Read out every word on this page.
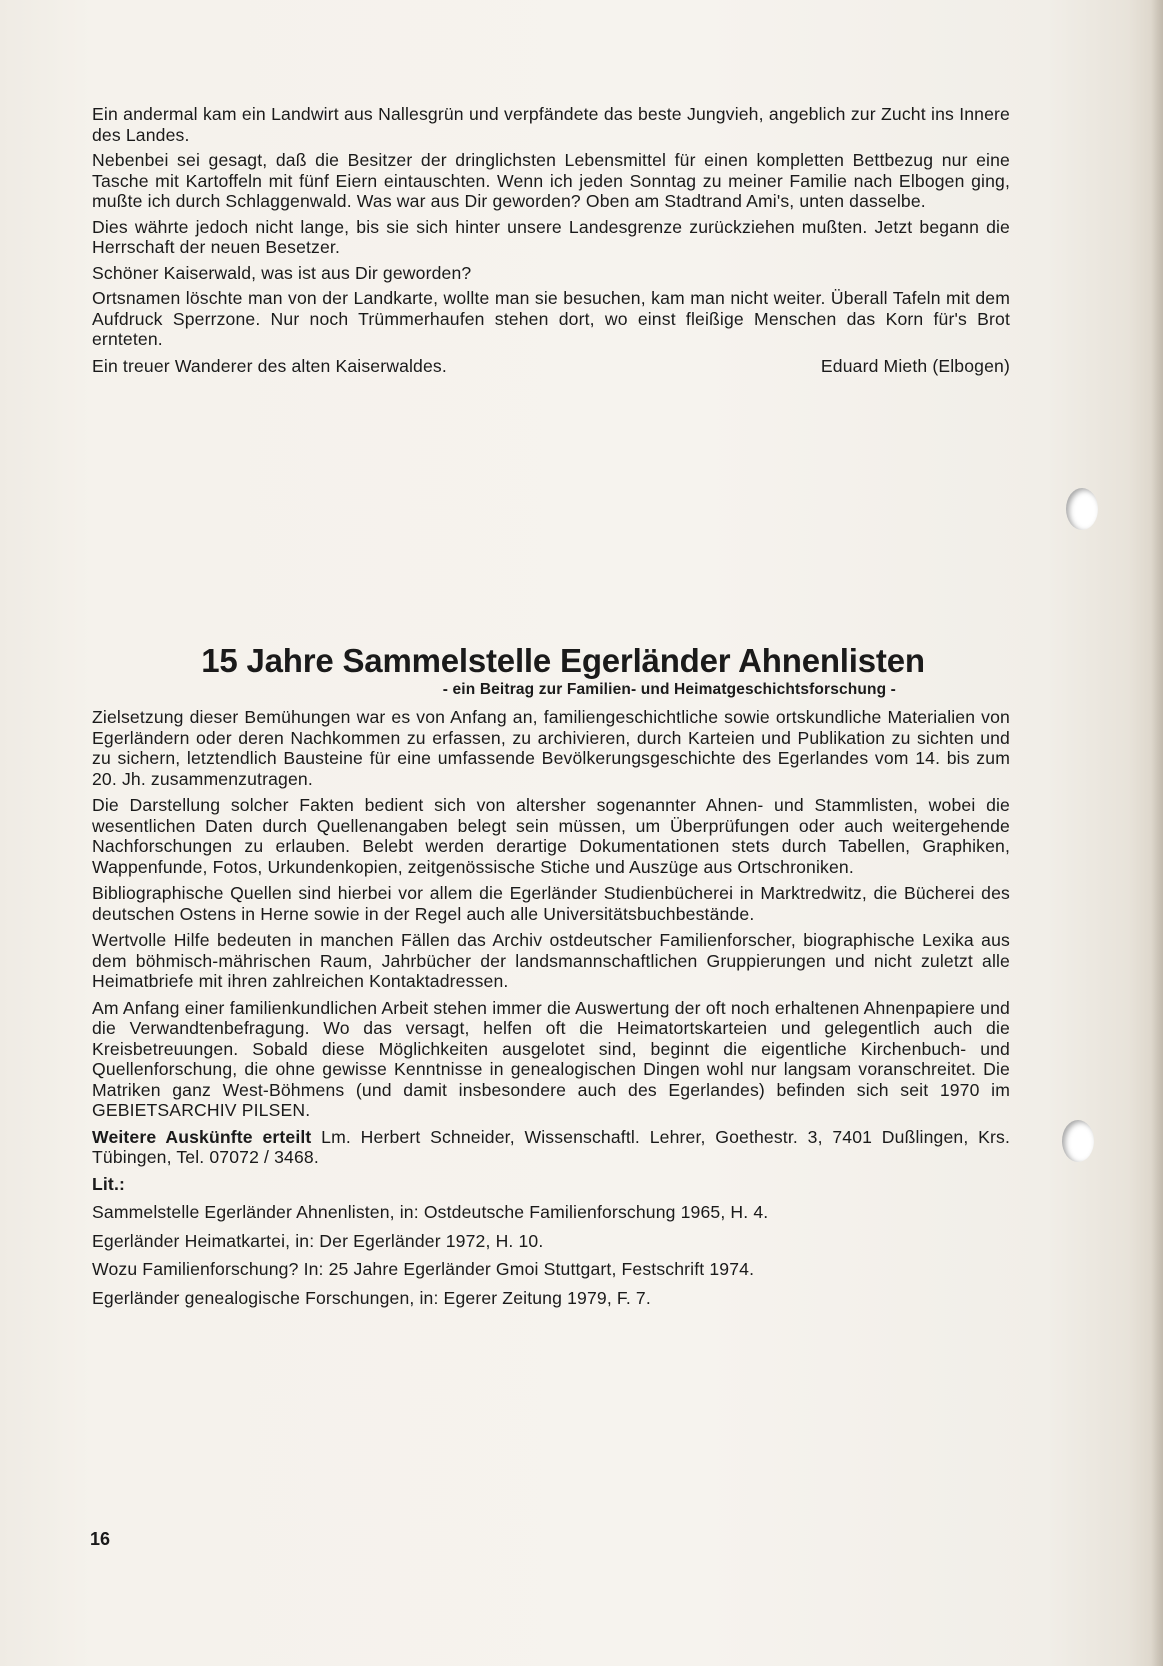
Ein andermal kam ein Landwirt aus Nallesgrün und verpfändete das beste Jungvieh, angeblich zur Zucht ins Innere des Landes.

Nebenbei sei gesagt, daß die Besitzer der dringlichsten Lebensmittel für einen kompletten Bettbezug nur eine Tasche mit Kartoffeln mit fünf Eiern eintauschten. Wenn ich jeden Sonntag zu meiner Familie nach Elbogen ging, mußte ich durch Schlaggenwald. Was war aus Dir geworden? Oben am Stadtrand Ami's, unten dasselbe.

Dies währte jedoch nicht lange, bis sie sich hinter unsere Landesgrenze zurückziehen mußten. Jetzt begann die Herrschaft der neuen Besetzer.

Schöner Kaiserwald, was ist aus Dir geworden?

Ortsnamen löschte man von der Landkarte, wollte man sie besuchen, kam man nicht weiter. Überall Tafeln mit dem Aufdruck Sperrzone. Nur noch Trümmerhaufen stehen dort, wo einst fleißige Menschen das Korn für's Brot ernteten.

Ein treuer Wanderer des alten Kaiserwaldes.	Eduard Mieth (Elbogen)
15 Jahre Sammelstelle Egerländer Ahnenlisten
- ein Beitrag zur Familien- und Heimatgeschichtsforschung -

Zielsetzung dieser Bemühungen war es von Anfang an, familiengeschichtliche sowie ortskundliche Materialien von Egerländern oder deren Nachkommen zu erfassen, zu archivieren, durch Karteien und Publikation zu sichten und zu sichern, letztendlich Bausteine für eine umfassende Bevölkerungsgeschichte des Egerlandes vom 14. bis zum 20. Jh. zusammenzutragen.

Die Darstellung solcher Fakten bedient sich von altersher sogenannter Ahnen- und Stammlisten, wobei die wesentlichen Daten durch Quellenangaben belegt sein müssen, um Überprüfungen oder auch weitergehende Nachforschungen zu erlauben. Belebt werden derartige Dokumentationen stets durch Tabellen, Graphiken, Wappenfunde, Fotos, Urkundenkopien, zeitgenössische Stiche und Auszüge aus Ortschroniken.

Bibliographische Quellen sind hierbei vor allem die Egerländer Studienbücherei in Marktredwitz, die Bücherei des deutschen Ostens in Herne sowie in der Regel auch alle Universitätsbuchbestände.

Wertvolle Hilfe bedeuten in manchen Fällen das Archiv ostdeutscher Familienforscher, biographische Lexika aus dem böhmisch-mährischen Raum, Jahrbücher der landsmannschaftlichen Gruppierungen und nicht zuletzt alle Heimatbriefe mit ihren zahlreichen Kontaktadressen.

Am Anfang einer familienkundlichen Arbeit stehen immer die Auswertung der oft noch erhaltenen Ahnenpapiere und die Verwandtenbefragung. Wo das versagt, helfen oft die Heimatortskarteien und gelegentlich auch die Kreisbetreuungen. Sobald diese Möglichkeiten ausgelotet sind, beginnt die eigentliche Kirchenbuch- und Quellenforschung, die ohne gewisse Kenntnisse in genealogischen Dingen wohl nur langsam voranschreitet. Die Matriken ganz West-Böhmens (und damit insbesondere auch des Egerlandes) befinden sich seit 1970 im GEBIETSARCHIV PILSEN.

Weitere Auskünfte erteilt Lm. Herbert Schneider, Wissenschaftl. Lehrer, Goethestr. 3, 7401 Dußlingen, Krs. Tübingen, Tel. 07072 / 3468.

Lit.:

Sammelstelle Egerländer Ahnenlisten, in: Ostdeutsche Familienforschung 1965, H. 4.

Egerländer Heimatkartei, in: Der Egerländer 1972, H. 10.

Wozu Familienforschung? In: 25 Jahre Egerländer Gmoi Stuttgart, Festschrift 1974.

Egerländer genealogische Forschungen, in: Egerer Zeitung 1979, F. 7.

16
